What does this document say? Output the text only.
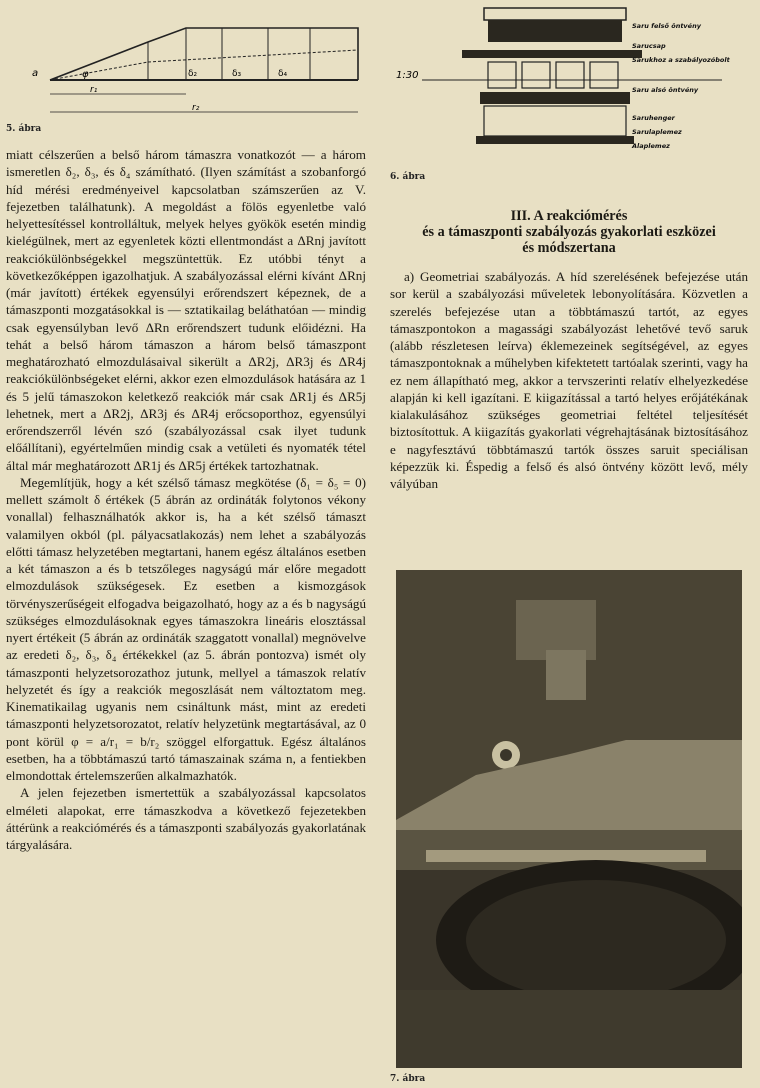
a	φ	δ₂	δ₃	δ₄
r₁
r₂
5. ábra
1:30
Saru felső öntvény
Sarucsap
Sarukhoz a szabályozóbolt
Saru alsó öntvény
Saruhenger
Sarulaplemez
Alaplemez
6. ábra

miatt célszerűen a belső három támaszra vonatkozót — a három ismeretlen δ₂, δ₃, és δ₄ számítható. (Ilyen számítást a szobanforgó híd mérési eredményeivel kapcsolatban számszerűen az V. fejezetben találhatunk). A megoldást a fölös egyenletbe való helyettesítéssel kontrolláltuk, melyek helyes gyökök esetén mindig kielégülnek, mert az egyenletek közti ellentmondást a ΔRnj javított reakciókülönbségekkel megszüntettük. Ez utóbbi tényt a következőképpen igazolhatjuk. A szabályozással elérni kívánt ΔRnj (már javított) értékek egyensúlyi erőrendszert képeznek, de a támaszponti mozgatásokkal is — sztatikailag beláthatóan — mindig csak egyensúlyban levő ΔRn erőrendszert tudunk előidézni. Ha tehát a belső három támaszon a három belső támaszpont meghatározható elmozdulásaival sikerült a ΔR2j, ΔR3j és ΔR4j reakciókülönbségeket elérni, akkor ezen elmozdulások hatására az 1 és 5 jelű támaszokon keletkező reakciók már csak ΔR1j és ΔR5j lehetnek, mert a ΔR2j, ΔR3j és ΔR4j erőcsoporthoz, egyensúlyi erőrendszerről lévén szó (szabályozással csak ilyet tudunk előállítani), egyértelműen mindig csak a vetületi és nyomaték tétel által már meghatározott ΔR1j és ΔR5j értékek tartozhatnak.

Megemlítjük, hogy a két szélső támasz megkötése (δ₁ = δ₅ = 0) mellett számolt δ értékek (5 ábrán az ordináták folytonos vékony vonallal) felhasználhatók akkor is, ha a két szélső támaszt valamilyen okból (pl. pályacsatlakozás) nem lehet a szabályozás előtti támasz helyzetében megtartani, hanem egész általános esetben a két támaszon a és b tetszőleges nagyságú már előre megadott elmozdulások szükségesek. Ez esetben a kismozgások törvényszerűségeit elfogadva beigazolható, hogy az a és b nagyságú szükséges elmozdulásoknak egyes támaszokra lineáris elosztással nyert értékeit (5 ábrán az ordináták szaggatott vonallal) megnövelve az eredeti δ₂, δ₃, δ₄ értékekkel (az 5. ábrán pontozva) ismét oly támaszponti helyzetsorozathoz jutunk, mellyel a támaszok relatív helyzetét és így a reakciók megoszlását nem változtatom meg. Kinematikailag ugyanis nem csináltunk mást, mint az eredeti támaszponti helyzetsorozatot, relatív helyzetünk megtartásával, az 0 pont körül φ = a/r₁ = b/r₂ szöggel elforgattuk. Egész általános esetben, ha a többtámaszú tartó támaszainak száma n, a fentiekben elmondottak értelemszerűen alkalmazhatók.

A jelen fejezetben ismertettük a szabályozással kapcsolatos elméleti alapokat, erre támaszkodva a következő fejezetekben áttérünk a reakciómérés és a támaszponti szabályozás gyakorlatának tárgyalására.

III. A reakciómérés
és a támaszponti szabályozás gyakorlati eszközei
és módszertana

a) Geometriai szabályozás. A híd szerelésének befejezése után sor kerül a szabályozási műveletek lebonyolítására. Közvetlen a szerelés befejezése utan a többtámaszú tartót, az egyes támaszpontokon a magassági szabályozást lehetővé tevő saruk (alább részletesen leírva) éklemezeinek segítségével, az egyes támaszpontoknak a műhelyben kifektetett tartóalak szerinti, vagy ha ez nem állapítható meg, akkor a tervszerinti relatív elhelyezkedése alapján ki kell igazítani. E kiigazítással a tartó helyes erőjátékának kialakulásához szükséges geometriai feltétel teljesítését biztosítottuk. A kiigazítás gyakorlati végrehajtásának biztosításához e nagyfesztávú többtámaszú tartók összes saruit speciálisan képezzük ki. Éspedig a felső és alsó öntvény között levő, mély vályúban

7. ábra
